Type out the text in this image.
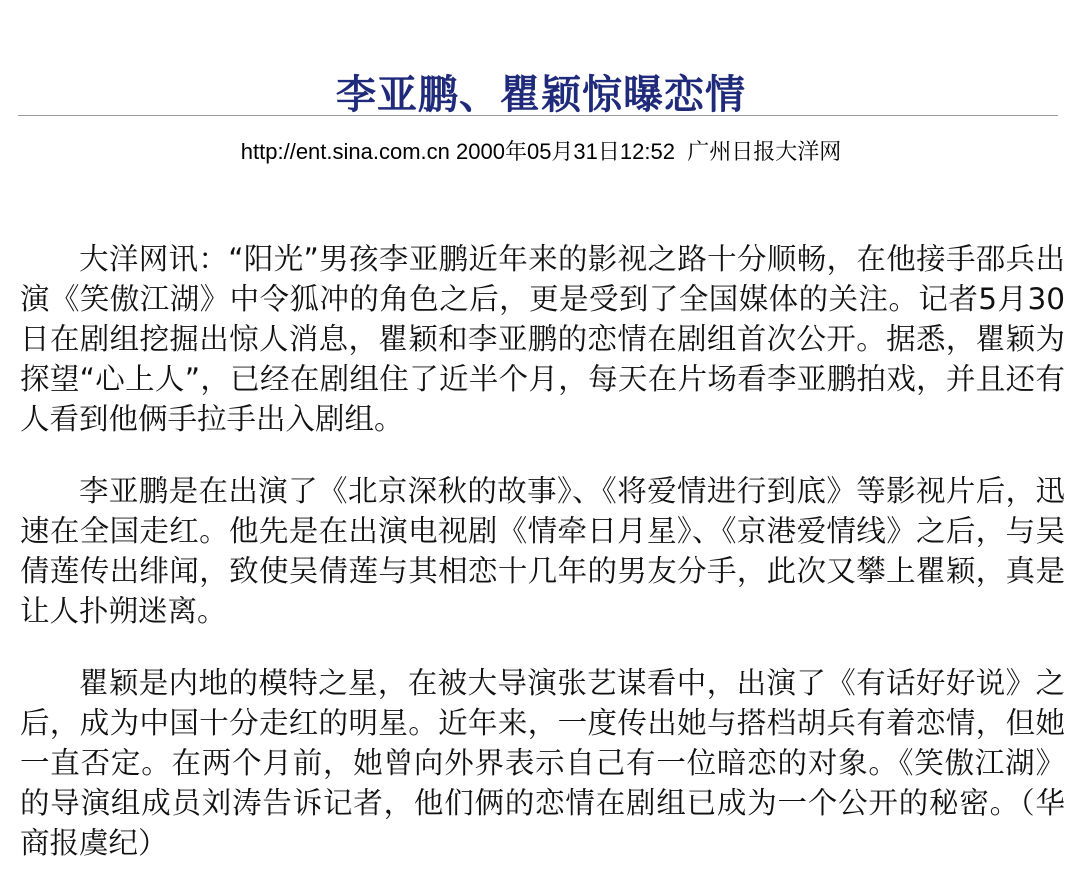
李亚鹏、瞿颖惊曝恋情
http://ent.sina.com.cn 2000年05月31日12:52 广州日报大洋网

大洋网讯：“阳光”男孩李亚鹏近年来的影视之路十分顺畅，在他接手邵兵出演《笑傲江湖》中令狐冲的角色之后，更是受到了全国媒体的关注。记者5月30日在剧组挖掘出惊人消息，瞿颖和李亚鹏的恋情在剧组首次公开。据悉，瞿颖为探望“心上人”，已经在剧组住了近半个月，每天在片场看李亚鹏拍戏，并且还有人看到他俩手拉手出入剧组。

李亚鹏是在出演了《北京深秋的故事》、《将爱情进行到底》等影视片后，迅速在全国走红。他先是在出演电视剧《情牵日月星》、《京港爱情线》之后，与吴倩莲传出绯闻，致使吴倩莲与其相恋十几年的男友分手，此次又攀上瞿颖，真是让人扑朔迷离。

瞿颖是内地的模特之星，在被大导演张艺谋看中，出演了《有话好好说》之后，成为中国十分走红的明星。近年来，一度传出她与搭档胡兵有着恋情，但她一直否定。在两个月前，她曾向外界表示自己有一位暗恋的对象。《笑傲江湖》的导演组成员刘涛告诉记者，他们俩的恋情在剧组已成为一个公开的秘密。（华商报虞纪）
